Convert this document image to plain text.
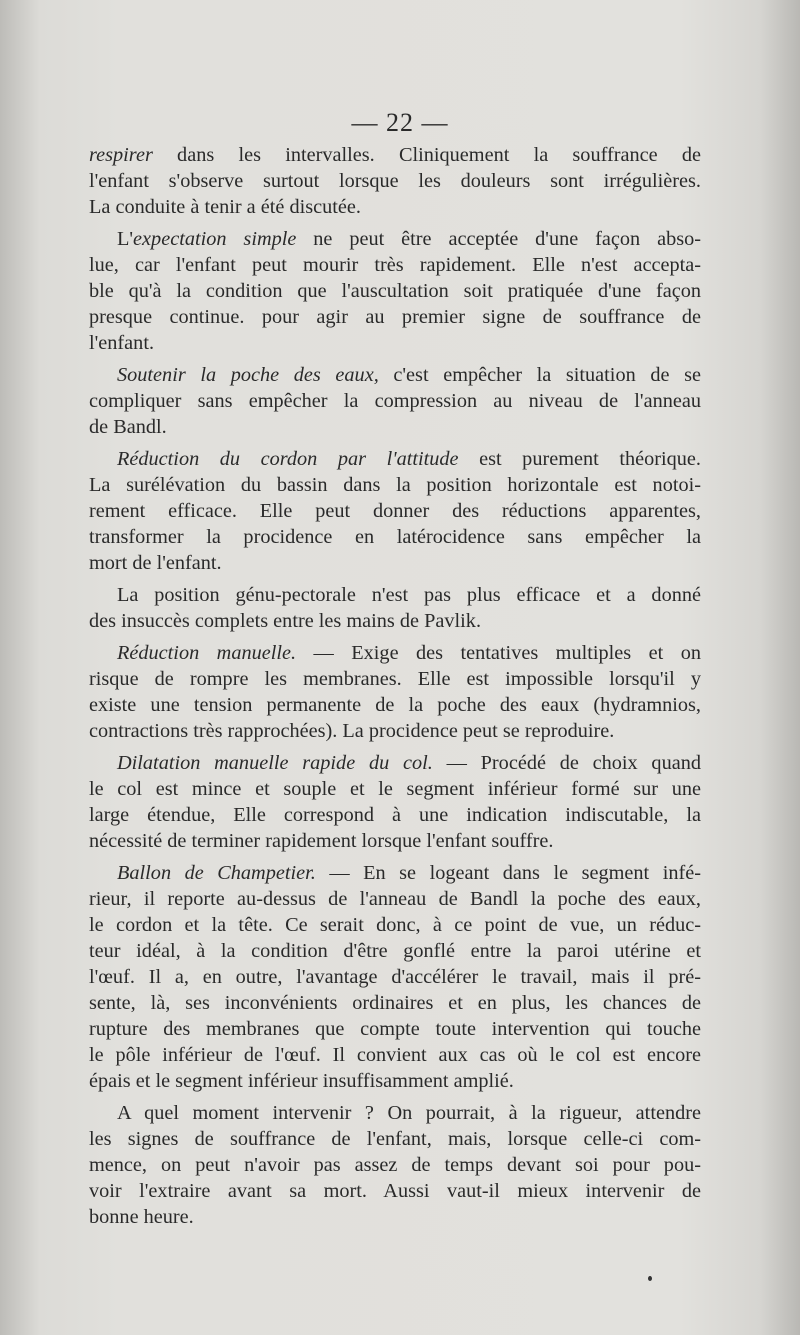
— 22 —
respirer dans les intervalles. Cliniquement la souffrance de
l'enfant s'observe surtout lorsque les douleurs sont irrégulières.
La conduite à tenir a été discutée.
L'expectation simple ne peut être acceptée d'une façon abso-
lue, car l'enfant peut mourir très rapidement. Elle n'est accepta-
ble qu'à la condition que l'auscultation soit pratiquée d'une façon
presque continue. pour agir au premier signe de souffrance de
l'enfant.
Soutenir la poche des eaux, c'est empêcher la situation de se
compliquer sans empêcher la compression au niveau de l'anneau
de Bandl.
Réduction du cordon par l'attitude est purement théorique.
La surélévation du bassin dans la position horizontale est notoi-
rement efficace. Elle peut donner des réductions apparentes,
transformer la procidence en latérocidence sans empêcher la
mort de l'enfant.
La position génu-pectorale n'est pas plus efficace et a donné
des insuccès complets entre les mains de Pavlik.
Réduction manuelle. — Exige des tentatives multiples et on
risque de rompre les membranes. Elle est impossible lorsqu'il y
existe une tension permanente de la poche des eaux (hydramnios,
contractions très rapprochées). La procidence peut se reproduire.
Dilatation manuelle rapide du col. — Procédé de choix quand
le col est mince et souple et le segment inférieur formé sur une
large étendue, Elle correspond à une indication indiscutable, la
nécessité de terminer rapidement lorsque l'enfant souffre.
Ballon de Champetier. — En se logeant dans le segment infé-
rieur, il reporte au-dessus de l'anneau de Bandl la poche des eaux,
le cordon et la tête. Ce serait donc, à ce point de vue, un réduc-
teur idéal, à la condition d'être gonflé entre la paroi utérine et
l'œuf. Il a, en outre, l'avantage d'accélérer le travail, mais il pré-
sente, là, ses inconvénients ordinaires et en plus, les chances de
rupture des membranes que compte toute intervention qui touche
le pôle inférieur de l'œuf. Il convient aux cas où le col est encore
épais et le segment inférieur insuffisamment amplié.
A quel moment intervenir ? On pourrait, à la rigueur, attendre
les signes de souffrance de l'enfant, mais, lorsque celle-ci com-
mence, on peut n'avoir pas assez de temps devant soi pour pou-
voir l'extraire avant sa mort. Aussi vaut-il mieux intervenir de
bonne heure.
